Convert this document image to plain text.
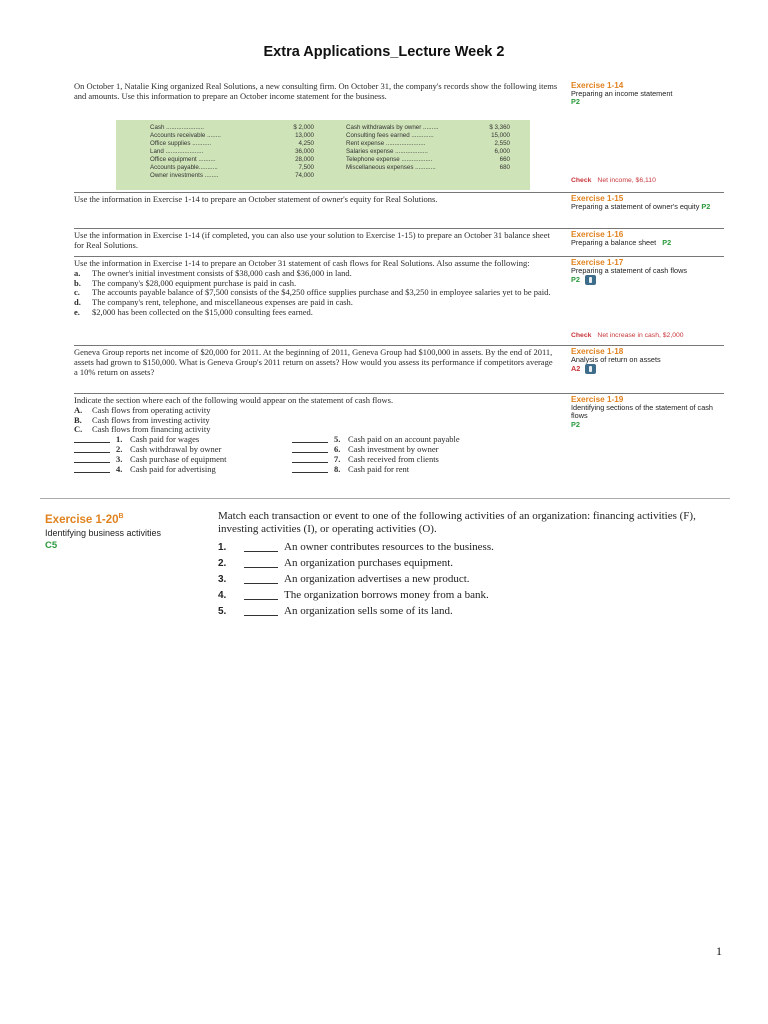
Extra Applications_Lecture Week 2
On October 1, Natalie King organized Real Solutions, a new consulting firm. On October 31, the company's records show the following items and amounts. Use this information to prepare an October income statement for the business.
Exercise 1-14
Preparing an income statement
P2
Cash ......................	$ 2,000
Accounts receivable ........	13,000
Office supplies ...........	4,250
Land ......................	36,000
Office equipment ..........	28,000
Accounts payable...........	7,500
Owner investments ........	74,000
Cash withdrawals by owner .........	$ 3,360
Consulting fees earned .............	15,000
Rent expense .......................	2,550
Salaries expense ...................	6,000
Telephone expense ..................	660
Miscellaneous expenses ............	680
Check Net income, $6,110
Use the information in Exercise 1-14 to prepare an October statement of owner's equity for Real Solutions.	Exercise 1-15
Preparing a statement of owner's equity P2
Use the information in Exercise 1-14 (if completed, you can also use your solution to Exercise 1-15) to prepare an October 31 balance sheet for Real Solutions.
Exercise 1-16
Preparing a balance sheet P2
Use the information in Exercise 1-14 to prepare an October 31 statement of cash flows for Real Solutions. Also assume the following:
a.	The owner's initial investment consists of $38,000 cash and $36,000 in land.
b.	The company's $28,000 equipment purchase is paid in cash.
c.	The accounts payable balance of $7,500 consists of the $4,250 office supplies purchase and $3,250 in employee salaries yet to be paid.
d.	The company's rent, telephone, and miscellaneous expenses are paid in cash.
e.	$2,000 has been collected on the $15,000 consulting fees earned.
Exercise 1-17
Preparing a statement of cash flows
P2
Check Net increase in cash, $2,000
Geneva Group reports net income of $20,000 for 2011. At the beginning of 2011, Geneva Group had $100,000 in assets. By the end of 2011, assets had grown to $150,000. What is Geneva Group's 2011 return on assets? How would you assess its performance if competitors average a 10% return on assets?
Exercise 1-18
Analysis of return on assets
A2
Indicate the section where each of the following would appear on the statement of cash flows.
A.	Cash flows from operating activity
B.	Cash flows from investing activity
C.	Cash flows from financing activity
1. Cash paid for wages
2. Cash withdrawal by owner
3. Cash purchase of equipment
4. Cash paid for advertising
5. Cash paid on an account payable
6. Cash investment by owner
7. Cash received from clients
8. Cash paid for rent
Exercise 1-19
Identifying sections of the statement of cash flows
P2
Exercise $1-20^B$
Identifying business activities
C5
Match each transaction or event to one of the following activities of an organization: financing activities (F), investing activities (I), or operating activities (O).
1.	An owner contributes resources to the business.
2.	An organization purchases equipment.
3.	An organization advertises a new product.
4.	The organization borrows money from a bank.
5.	An organization sells some of its land.
1
